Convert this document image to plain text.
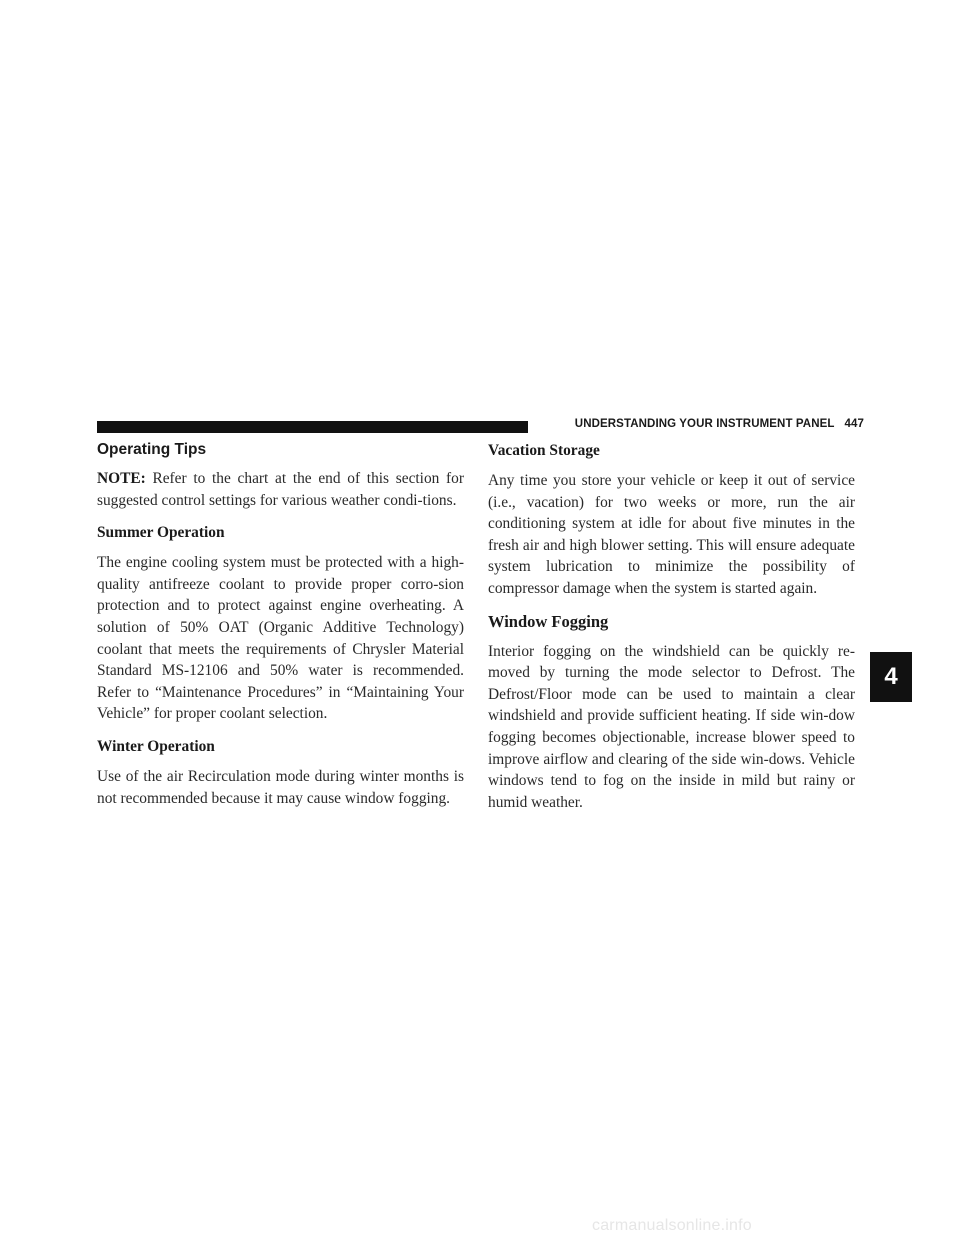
UNDERSTANDING YOUR INSTRUMENT PANEL 447
Operating Tips

NOTE: Refer to the chart at the end of this section for suggested control settings for various weather condi-tions.

Summer Operation

The engine cooling system must be protected with a high-quality antifreeze coolant to provide proper corro-sion protection and to protect against engine overheating. A solution of 50% OAT (Organic Additive Technology) coolant that meets the requirements of Chrysler Material Standard MS-12106 and 50% water is recommended. Refer to “Maintenance Procedures” in “Maintaining Your Vehicle” for proper coolant selection.

Winter Operation

Use of the air Recirculation mode during winter months is not recommended because it may cause window fogging.

Vacation Storage

Any time you store your vehicle or keep it out of service (i.e., vacation) for two weeks or more, run the air conditioning system at idle for about five minutes in the fresh air and high blower setting. This will ensure adequate system lubrication to minimize the possibility of compressor damage when the system is started again.

Window Fogging

Interior fogging on the windshield can be quickly re-moved by turning the mode selector to Defrost. The Defrost/Floor mode can be used to maintain a clear windshield and provide sufficient heating. If side win-dow fogging becomes objectionable, increase blower speed to improve airflow and clearing of the side win-dows. Vehicle windows tend to fog on the inside in mild but rainy or humid weather.

4
carmanualsonline.info
